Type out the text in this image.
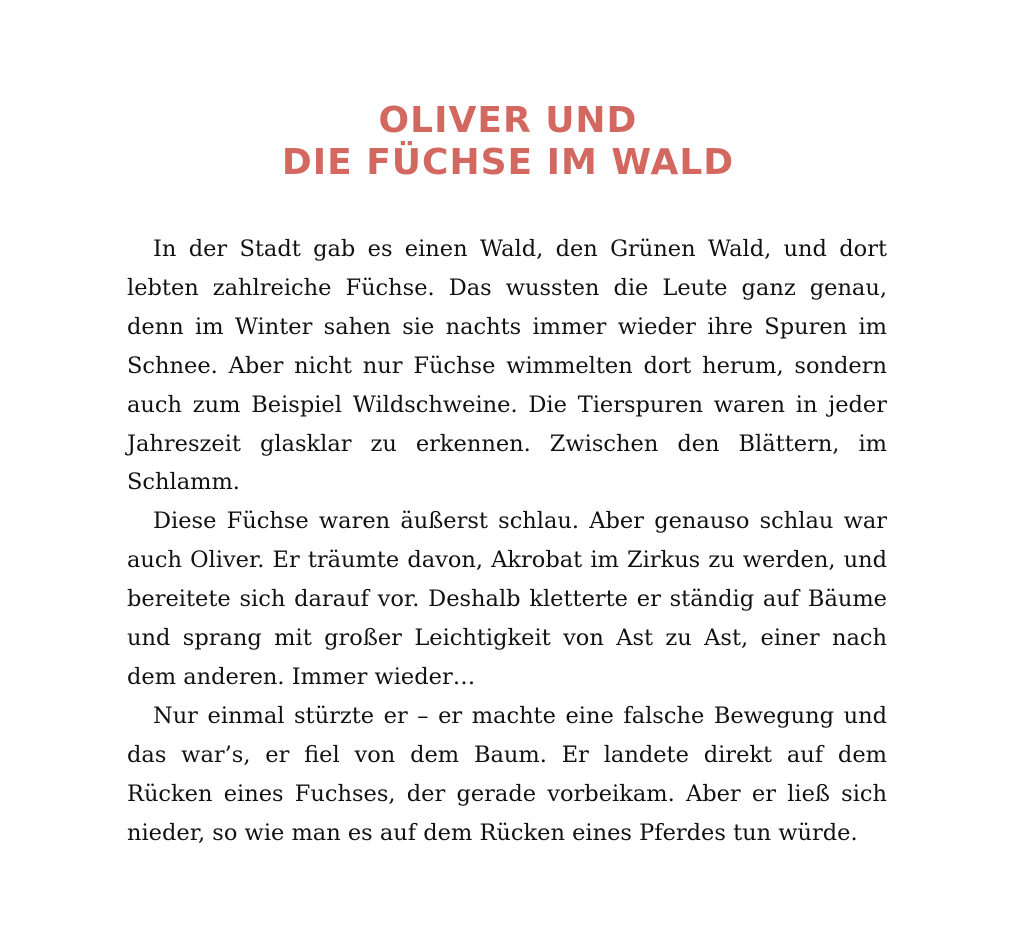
OLIVER UND
DIE FÜCHSE IM WALD

In der Stadt gab es einen Wald, den Grünen Wald, und dort lebten zahlreiche Füchse. Das wussten die Leute ganz genau, denn im Winter sahen sie nachts immer wieder ihre Spuren im Schnee. Aber nicht nur Füchse wimmelten dort herum, sondern auch zum Beispiel Wildschweine. Die Tierspuren waren in jeder Jahreszeit glasklar zu erkennen. Zwischen den Blättern, im Schlamm.

Diese Füchse waren äußerst schlau. Aber genauso schlau war auch Oliver. Er träumte davon, Akrobat im Zirkus zu werden, und bereitete sich darauf vor. Deshalb kletterte er ständig auf Bäume und sprang mit großer Leichtigkeit von Ast zu Ast, einer nach dem anderen. Immer wieder…

Nur einmal stürzte er – er machte eine falsche Bewegung und das war’s, er fiel von dem Baum. Er landete direkt auf dem Rücken eines Fuchses, der gerade vorbeikam. Aber er ließ sich nieder, so wie man es auf dem Rücken eines Pferdes tun würde.
